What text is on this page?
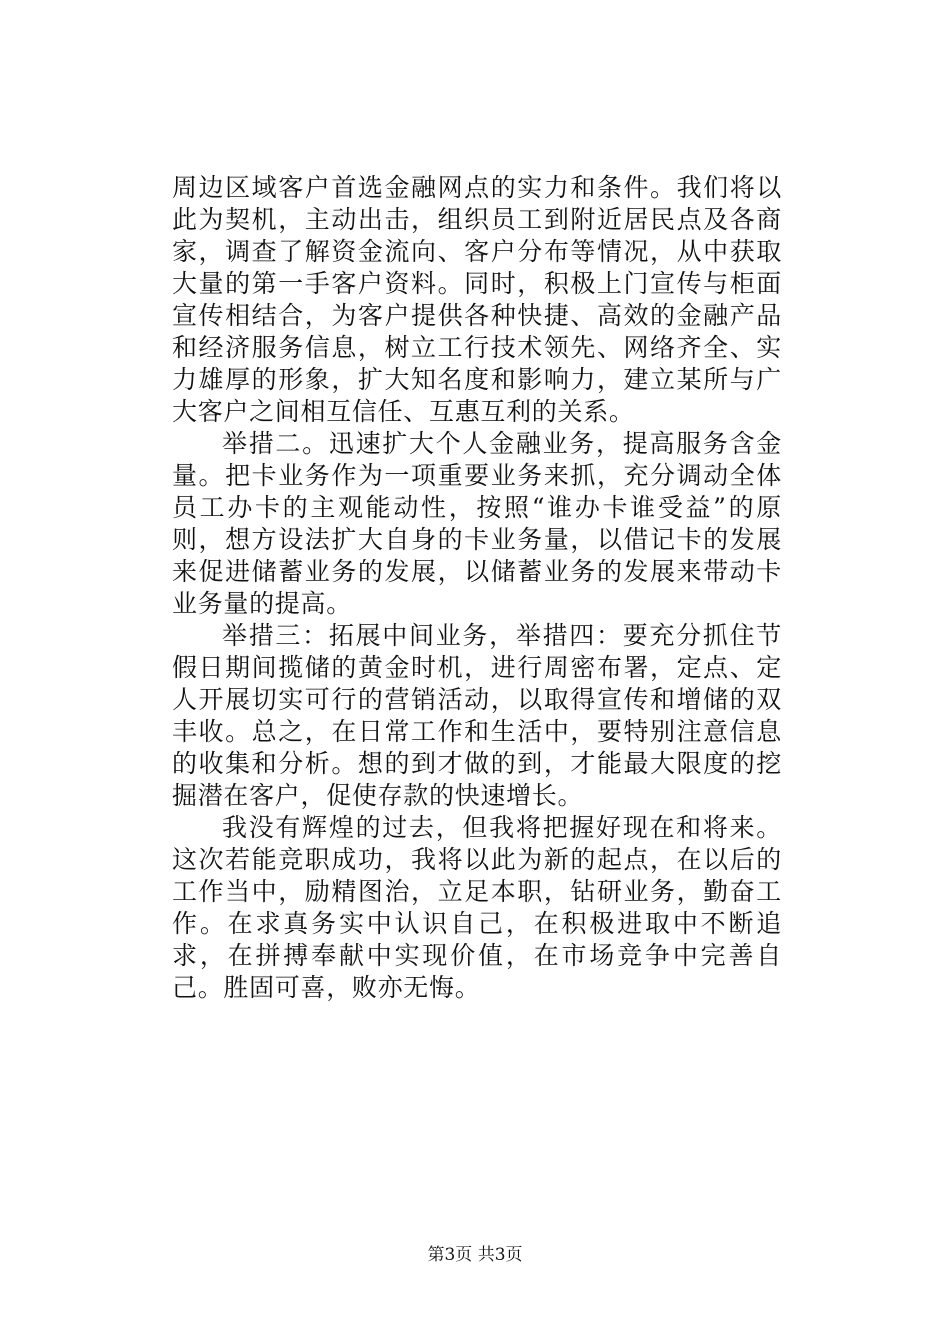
周边区域客户首选金融网点的实力和条件。我们将以此为契机，主动出击，组织员工到附近居民点及各商家，调查了解资金流向、客户分布等情况，从中获取大量的第一手客户资料。同时，积极上门宣传与柜面宣传相结合，为客户提供各种快捷、高效的金融产品和经济服务信息，树立工行技术领先、网络齐全、实力雄厚的形象，扩大知名度和影响力，建立某所与广大客户之间相互信任、互惠互利的关系。

举措二。迅速扩大个人金融业务，提高服务含金量。把卡业务作为一项重要业务来抓，充分调动全体员工办卡的主观能动性，按照“谁办卡谁受益”的原则，想方设法扩大自身的卡业务量，以借记卡的发展来促进储蓄业务的发展，以储蓄业务的发展来带动卡业务量的提高。

举措三：拓展中间业务，举措四：要充分抓住节假日期间揽储的黄金时机，进行周密布署，定点、定人开展切实可行的营销活动，以取得宣传和增储的双丰收。总之，在日常工作和生活中，要特别注意信息的收集和分析。想的到才做的到，才能最大限度的挖掘潜在客户，促使存款的快速增长。

我没有辉煌的过去，但我将把握好现在和将来。这次若能竞职成功，我将以此为新的起点，在以后的工作当中，励精图治，立足本职，钻研业务，勤奋工作。在求真务实中认识自己，在积极进取中不断追求，在拼搏奉献中实现价值，在市场竞争中完善自己。胜固可喜，败亦无悔。

第3页 共3页
